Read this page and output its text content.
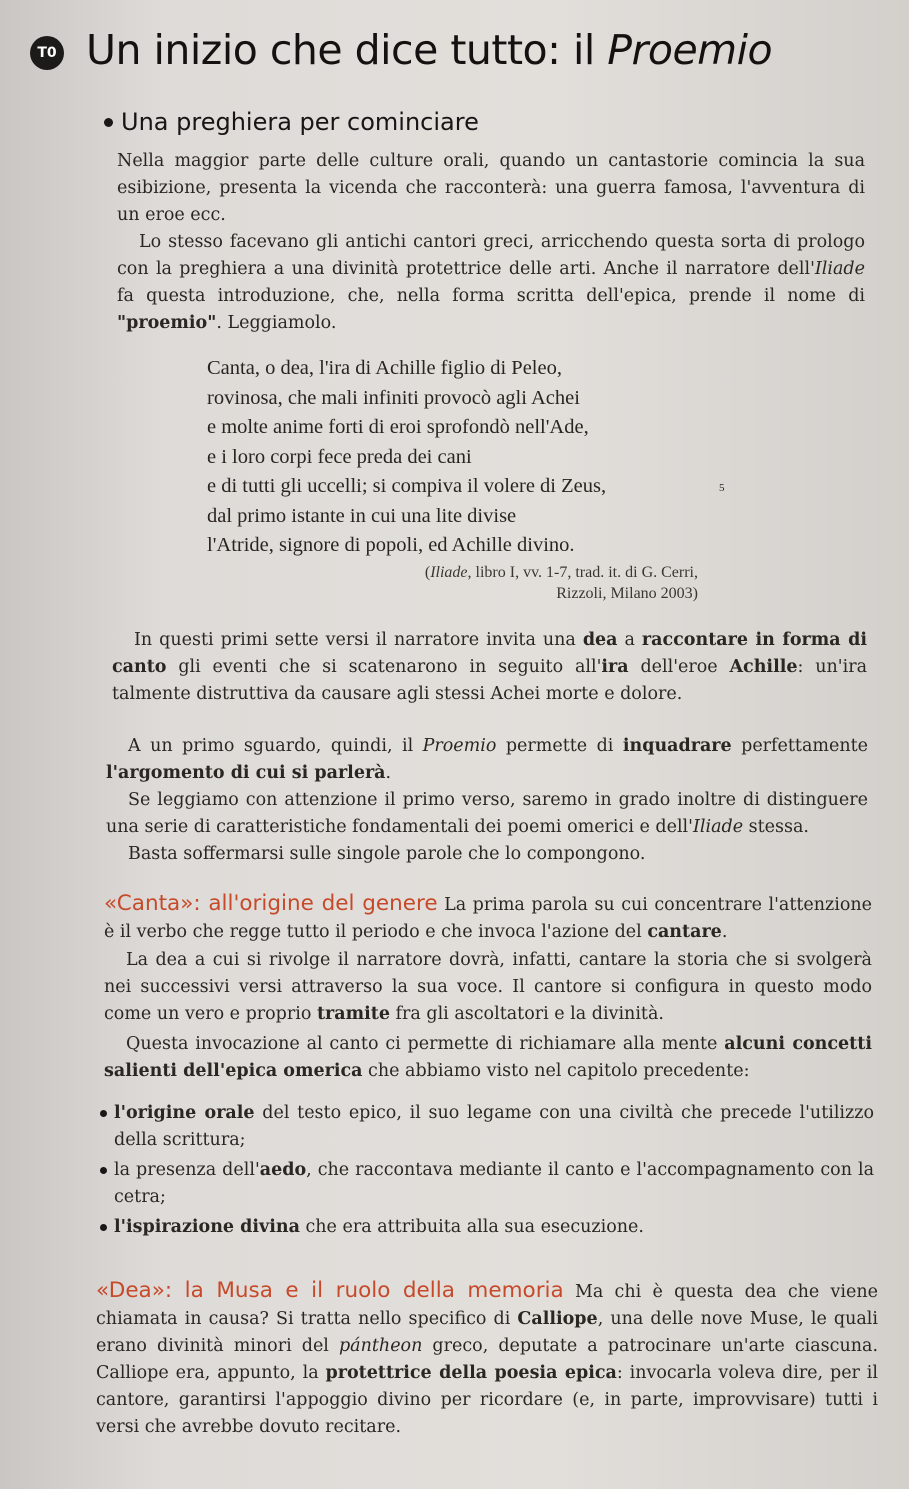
T0 Un inizio che dice tutto: il Proemio
Una preghiera per cominciare

Nella maggior parte delle culture orali, quando un cantastorie comincia la sua esibizione, presenta la vicenda che racconterà: una guerra famosa, l'avventura di un eroe ecc.

Lo stesso facevano gli antichi cantori greci, arricchendo questa sorta di prologo con la preghiera a una divinità protettrice delle arti. Anche il narratore dell'Iliade fa questa introduzione, che, nella forma scritta dell'epica, prende il nome di "proemio". Leggiamolo.

Canta, o dea, l'ira di Achille figlio di Peleo,
rovinosa, che mali infiniti provocò agli Achei
e molte anime forti di eroi sprofondò nell'Ade,
e i loro corpi fece preda dei cani
e di tutti gli uccelli; si compiva il volere di Zeus,	5
dal primo istante in cui una lite divise
l'Atride, signore di popoli, ed Achille divino.
(Iliade, libro I, vv. 1-7, trad. it. di G. Cerri,
Rizzoli, Milano 2003)

In questi primi sette versi il narratore invita una dea a raccontare in forma di canto gli eventi che si scatenarono in seguito all'ira dell'eroe Achille: un'ira talmente distruttiva da causare agli stessi Achei morte e dolore.

A un primo sguardo, quindi, il Proemio permette di inquadrare perfettamente l'argomento di cui si parlerà.

Se leggiamo con attenzione il primo verso, saremo in grado inoltre di distinguere una serie di caratteristiche fondamentali dei poemi omerici e dell'Iliade stessa.

Basta soffermarsi sulle singole parole che lo compongono.

«Canta»: all'origine del genere La prima parola su cui concentrare l'attenzione è il verbo che regge tutto il periodo e che invoca l'azione del cantare.

La dea a cui si rivolge il narratore dovrà, infatti, cantare la storia che si svolgerà nei successivi versi attraverso la sua voce. Il cantore si configura in questo modo come un vero e proprio tramite fra gli ascoltatori e la divinità.

Questa invocazione al canto ci permette di richiamare alla mente alcuni concetti salienti dell'epica omerica che abbiamo visto nel capitolo precedente:

l'origine orale del testo epico, il suo legame con una civiltà che precede l'utilizzo della scrittura;
la presenza dell'aedo, che raccontava mediante il canto e l'accompagnamento con la cetra;
l'ispirazione divina che era attribuita alla sua esecuzione.

«Dea»: la Musa e il ruolo della memoria Ma chi è questa dea che viene chiamata in causa? Si tratta nello specifico di Calliope, una delle nove Muse, le quali erano divinità minori del pántheon greco, deputate a patrocinare un'arte ciascuna. Calliope era, appunto, la protettrice della poesia epica: invocarla voleva dire, per il cantore, garantirsi l'appoggio divino per ricordare (e, in parte, improvvisare) tutti i versi che avrebbe dovuto recitare.
